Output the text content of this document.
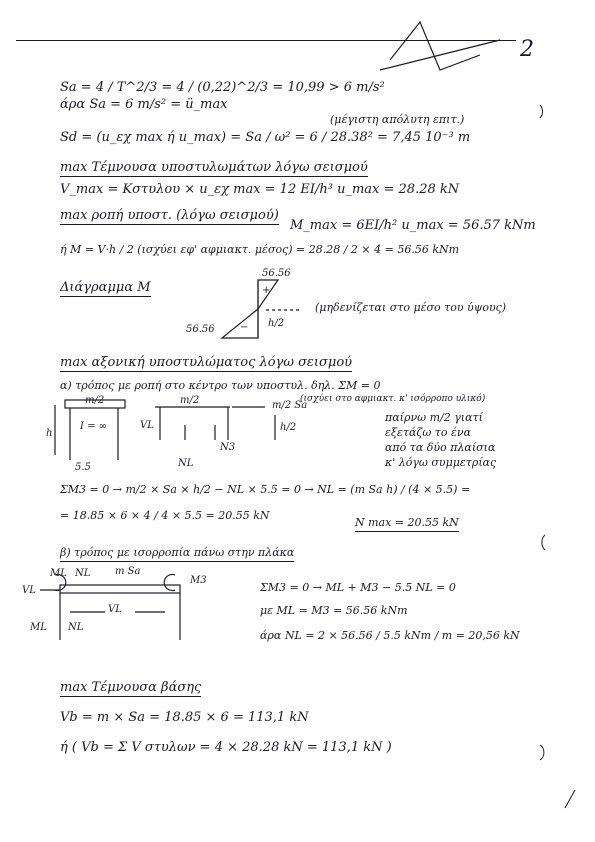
2
Sa = 4 / T^2/3 = 4 / (0,22)^2/3 = 10,99 > 6 m/s²
άρα Sa = 6 m/s² = ü_max
(μέγιστη απόλυτη επιτ.)
Sd = (u_εχ max ή u_max) = Sa / ω² = 6 / 28.38² = 7,45 10⁻³ m
max Τέμνουσα υποστυλωμάτων λόγω σεισμού
V_max = Κστυλου × u_εχ max = 12 EI/h³ u_max = 28.28 kN
max ροπή υποστ. (λόγω σεισμού)
M_max = 6EI/h² u_max = 56.57 kNm
ή M = V·h / 2 (ισχύει εφ' αφμιακτ. μέσος) = 28.28 / 2 × 4 = 56.56 kNm
Διάγραμμα M
56.56
56.56
h/2
+
−
(μηδενίζεται στο μέσο του ύψους)
max αξονική υποστυλώματος λόγω σεισμού
α) τρόπος με ροπή στο κέντρο των υποστυλ. δηλ. ΣΜ = 0
(ισχύει στο αφμιακτ. κ' ισόρροπο υλικό)
m/2
I = ∞
h
5.5
m/2	m/2 Sa
h/2
VL
NL
N3
παίρνω m/2 γιατί
εξετάζω το ένα
από τα δύο πλαίσια
κ' λόγω συμμετρίας
ΣΜ3 = 0 → m/2 × Sa × h/2 − NL × 5.5 = 0 → NL = (m Sa h) / (4 × 5.5) =
= 18.85 × 6 × 4 / 4 × 5.5 = 20.55 kN
N max = 20.55 kN
β) τρόπος με ισορροπία πάνω στην πλάκα
ML NL m Sa
M3
VL
VL
ML NL
ΣΜ3 = 0 → ML + M3 − 5.5 NL = 0
με ML = M3 = 56.56 kNm
άρα NL = 2 × 56.56 / 5.5 kNm / m = 20,56 kN
max Τέμνουσα βάσης
Vb = m × Sa = 18.85 × 6 = 113,1 kN
ή ( Vb = Σ V στυλων = 4 × 28.28 kN = 113,1 kN )
